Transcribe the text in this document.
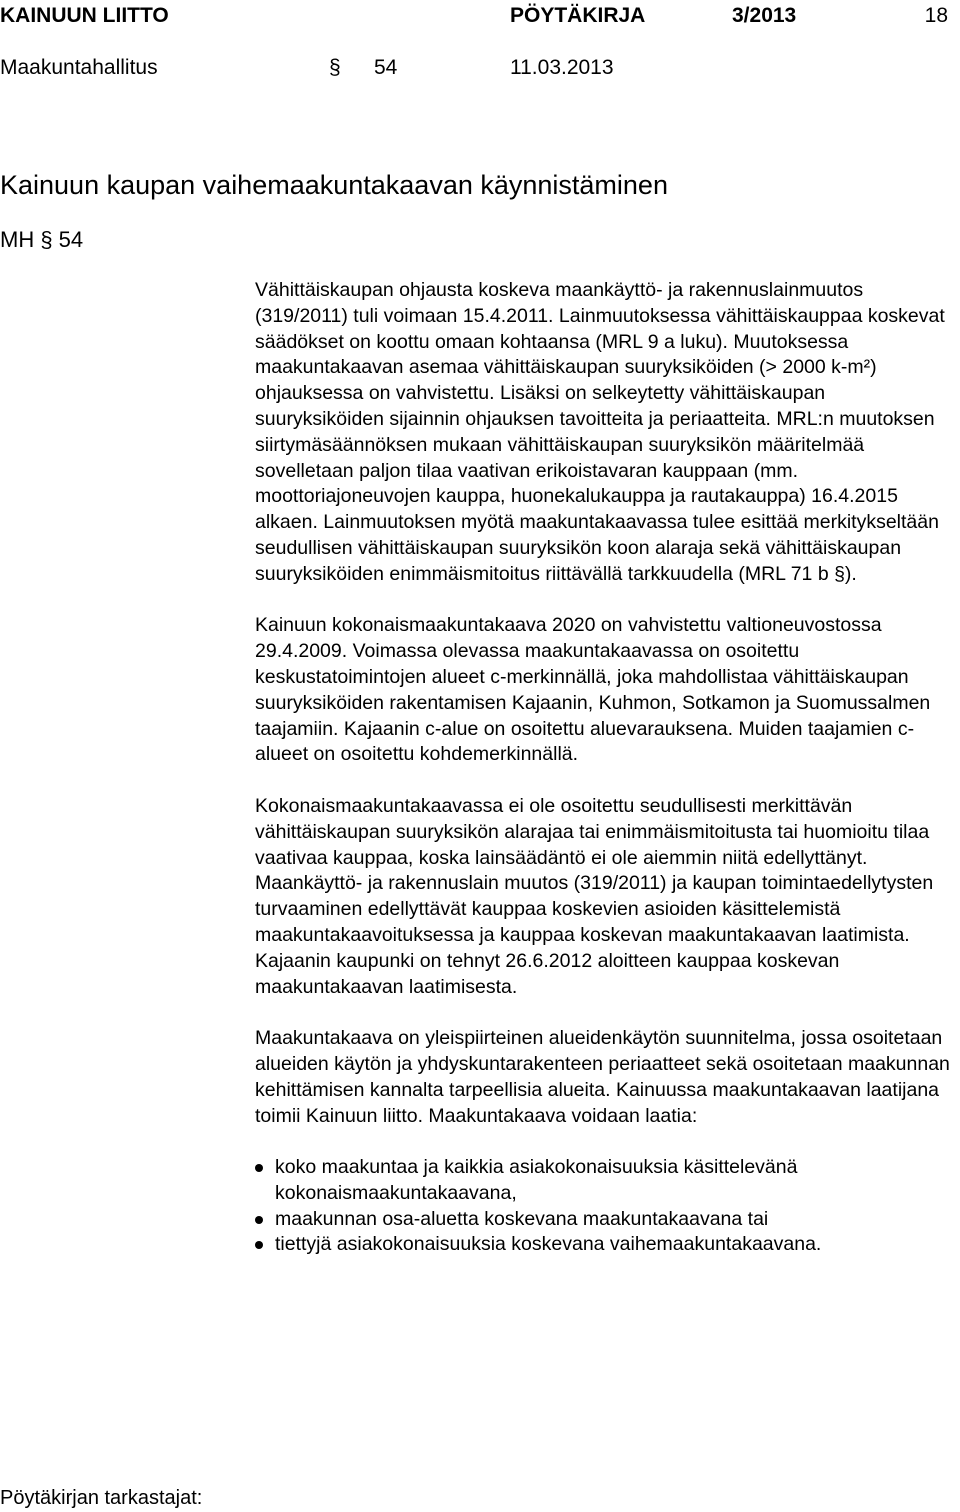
KAINUUN LIITTO	PÖYTÄKIRJA	3/2013	18
Maakuntahallitus	§ 54	11.03.2013
Kainuun kaupan vaihemaakuntakaavan käynnistäminen
MH § 54

Vähittäiskaupan ohjausta koskeva maankäyttö- ja rakennuslainmuutos (319/2011) tuli voimaan 15.4.2011. Lainmuutoksessa vähittäiskauppaa koskevat säädökset on koottu omaan kohtaansa (MRL 9 a luku). Muutoksessa maakuntakaavan asemaa vähittäiskaupan suuryksiköiden (> 2000 k-m²) ohjauksessa on vahvistettu. Lisäksi on selkeytetty vähittäiskaupan suuryksiköiden sijainnin ohjauksen tavoitteita ja periaatteita. MRL:n muutoksen siirtymäsäännöksen mukaan vähittäiskaupan suuryksikön määritelmää sovelletaan paljon tilaa vaativan erikoistavaran kauppaan (mm. moottoriajoneuvojen kauppa, huonekalukauppa ja rautakauppa) 16.4.2015 alkaen. Lainmuutoksen myötä maakuntakaavassa tulee esittää merkitykseltään seudullisen vähittäiskaupan suuryksikön koon alaraja sekä vähittäiskaupan suuryksiköiden enimmäismitoitus riittävällä tarkkuudella (MRL 71 b §).

Kainuun kokonaismaakuntakaava 2020 on vahvistettu valtioneuvostossa 29.4.2009. Voimassa olevassa maakuntakaavassa on osoitettu keskustatoimintojen alueet c-merkinnällä, joka mahdollistaa vähittäiskaupan suuryksiköiden rakentamisen Kajaanin, Kuhmon, Sotkamon ja Suomussalmen taajamiin. Kajaanin c-alue on osoitettu aluevarauksena. Muiden taajamien c-alueet on osoitettu kohdemerkinnällä.

Kokonaismaakuntakaavassa ei ole osoitettu seudullisesti merkittävän vähittäiskaupan suuryksikön alarajaa tai enimmäismitoitusta tai huomioitu tilaa vaativaa kauppaa, koska lainsäädäntö ei ole aiemmin niitä edellyttänyt. Maankäyttö- ja rakennuslain muutos (319/2011) ja kaupan toimintaedellytysten turvaaminen edellyttävät kauppaa koskevien asioiden käsittelemistä maakuntakaavoituksessa ja kauppaa koskevan maakuntakaavan laatimista. Kajaanin kaupunki on tehnyt 26.6.2012 aloitteen kauppaa koskevan maakuntakaavan laatimisesta.

Maakuntakaava on yleispiirteinen alueidenkäytön suunnitelma, jossa osoitetaan alueiden käytön ja yhdyskuntarakenteen periaatteet sekä osoitetaan maakunnan kehittämisen kannalta tarpeellisia alueita. Kainuussa maakuntakaavan laatijana toimii Kainuun liitto. Maakuntakaava voidaan laatia:

koko maakuntaa ja kaikkia asiakokonaisuuksia käsittelevänä kokonaismaakuntakaavana,
maakunnan osa-aluetta koskevana maakuntakaavana tai
tiettyjä asiakokonaisuuksia koskevana vaihemaakuntakaavana.
Pöytäkirjan tarkastajat:
